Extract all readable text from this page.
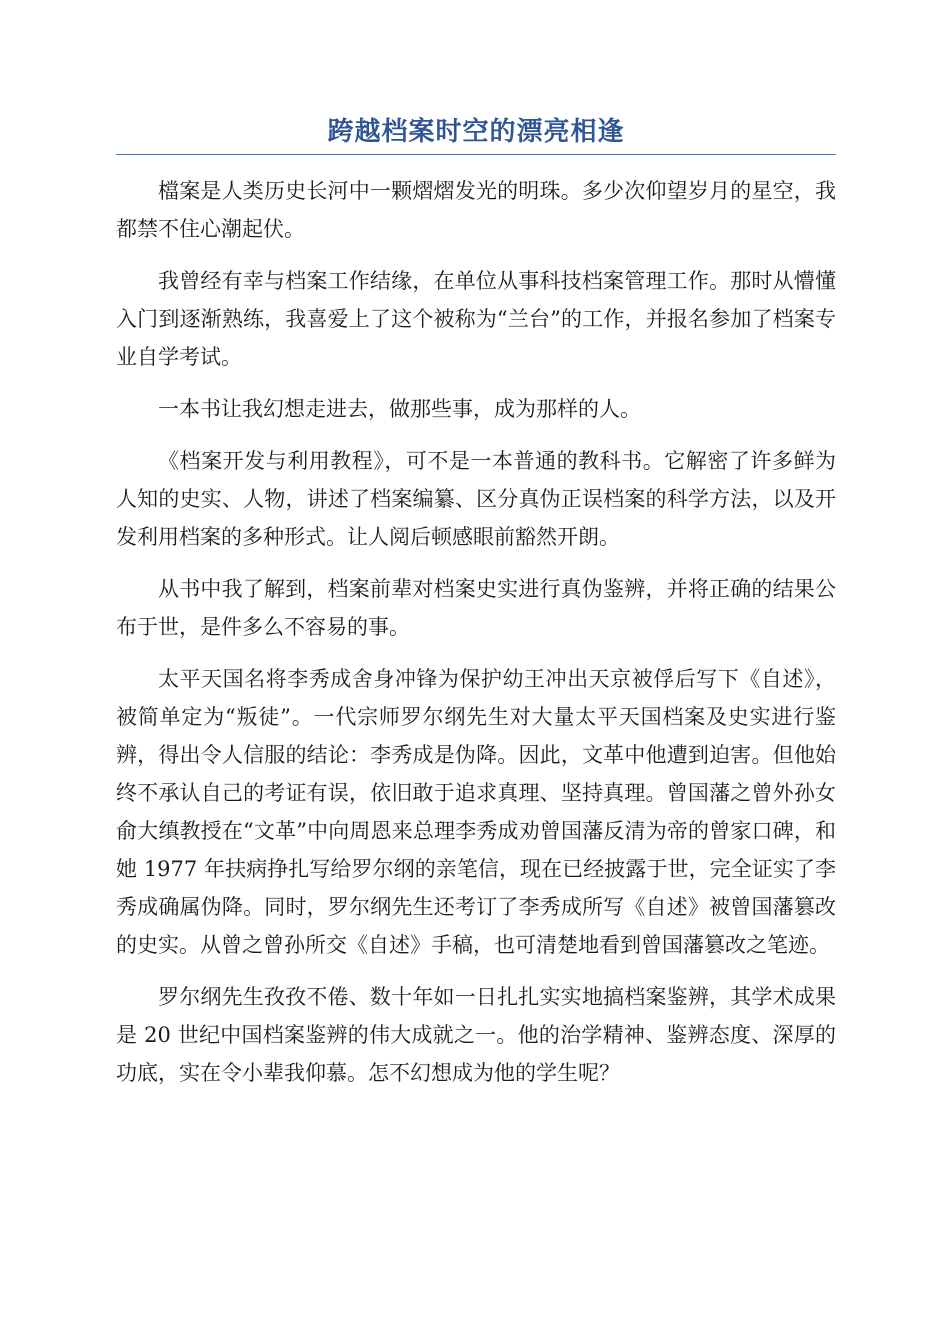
跨越档案时空的漂亮相逢

檔案是人类历史长河中一颗熠熠发光的明珠。多少次仰望岁月的星空，我都禁不住心潮起伏。

我曾经有幸与档案工作结缘，在单位从事科技档案管理工作。那时从懵懂入门到逐渐熟练，我喜爱上了这个被称为“兰台”的工作，并报名参加了档案专业自学考试。

一本书让我幻想走进去，做那些事，成为那样的人。

《档案开发与利用教程》，可不是一本普通的教科书。它解密了许多鲜为人知的史实、人物，讲述了档案编纂、区分真伪正误档案的科学方法，以及开发利用档案的多种形式。让人阅后顿感眼前豁然开朗。

从书中我了解到，档案前辈对档案史实进行真伪鉴辨，并将正确的结果公布于世，是件多么不容易的事。

太平天国名将李秀成舍身冲锋为保护幼王冲出天京被俘后写下《自述》，被简单定为“叛徒”。一代宗师罗尔纲先生对大量太平天国档案及史实进行鉴辨，得出令人信服的结论：李秀成是伪降。因此，文革中他遭到迫害。但他始终不承认自己的考证有误，依旧敢于追求真理、坚持真理。曾国藩之曾外孙女俞大缜教授在“文革”中向周恩来总理李秀成劝曾国藩反清为帝的曾家口碑，和她 1977 年扶病挣扎写给罗尔纲的亲笔信，现在已经披露于世，完全证实了李秀成确属伪降。同时，罗尔纲先生还考订了李秀成所写《自述》被曾国藩篡改的史实。从曾之曾孙所交《自述》手稿，也可清楚地看到曾国藩篡改之笔迹。

罗尔纲先生孜孜不倦、数十年如一日扎扎实实地搞档案鉴辨，其学术成果是 20 世纪中国档案鉴辨的伟大成就之一。他的治学精神、鉴辨态度、深厚的功底，实在令小辈我仰慕。怎不幻想成为他的学生呢？
